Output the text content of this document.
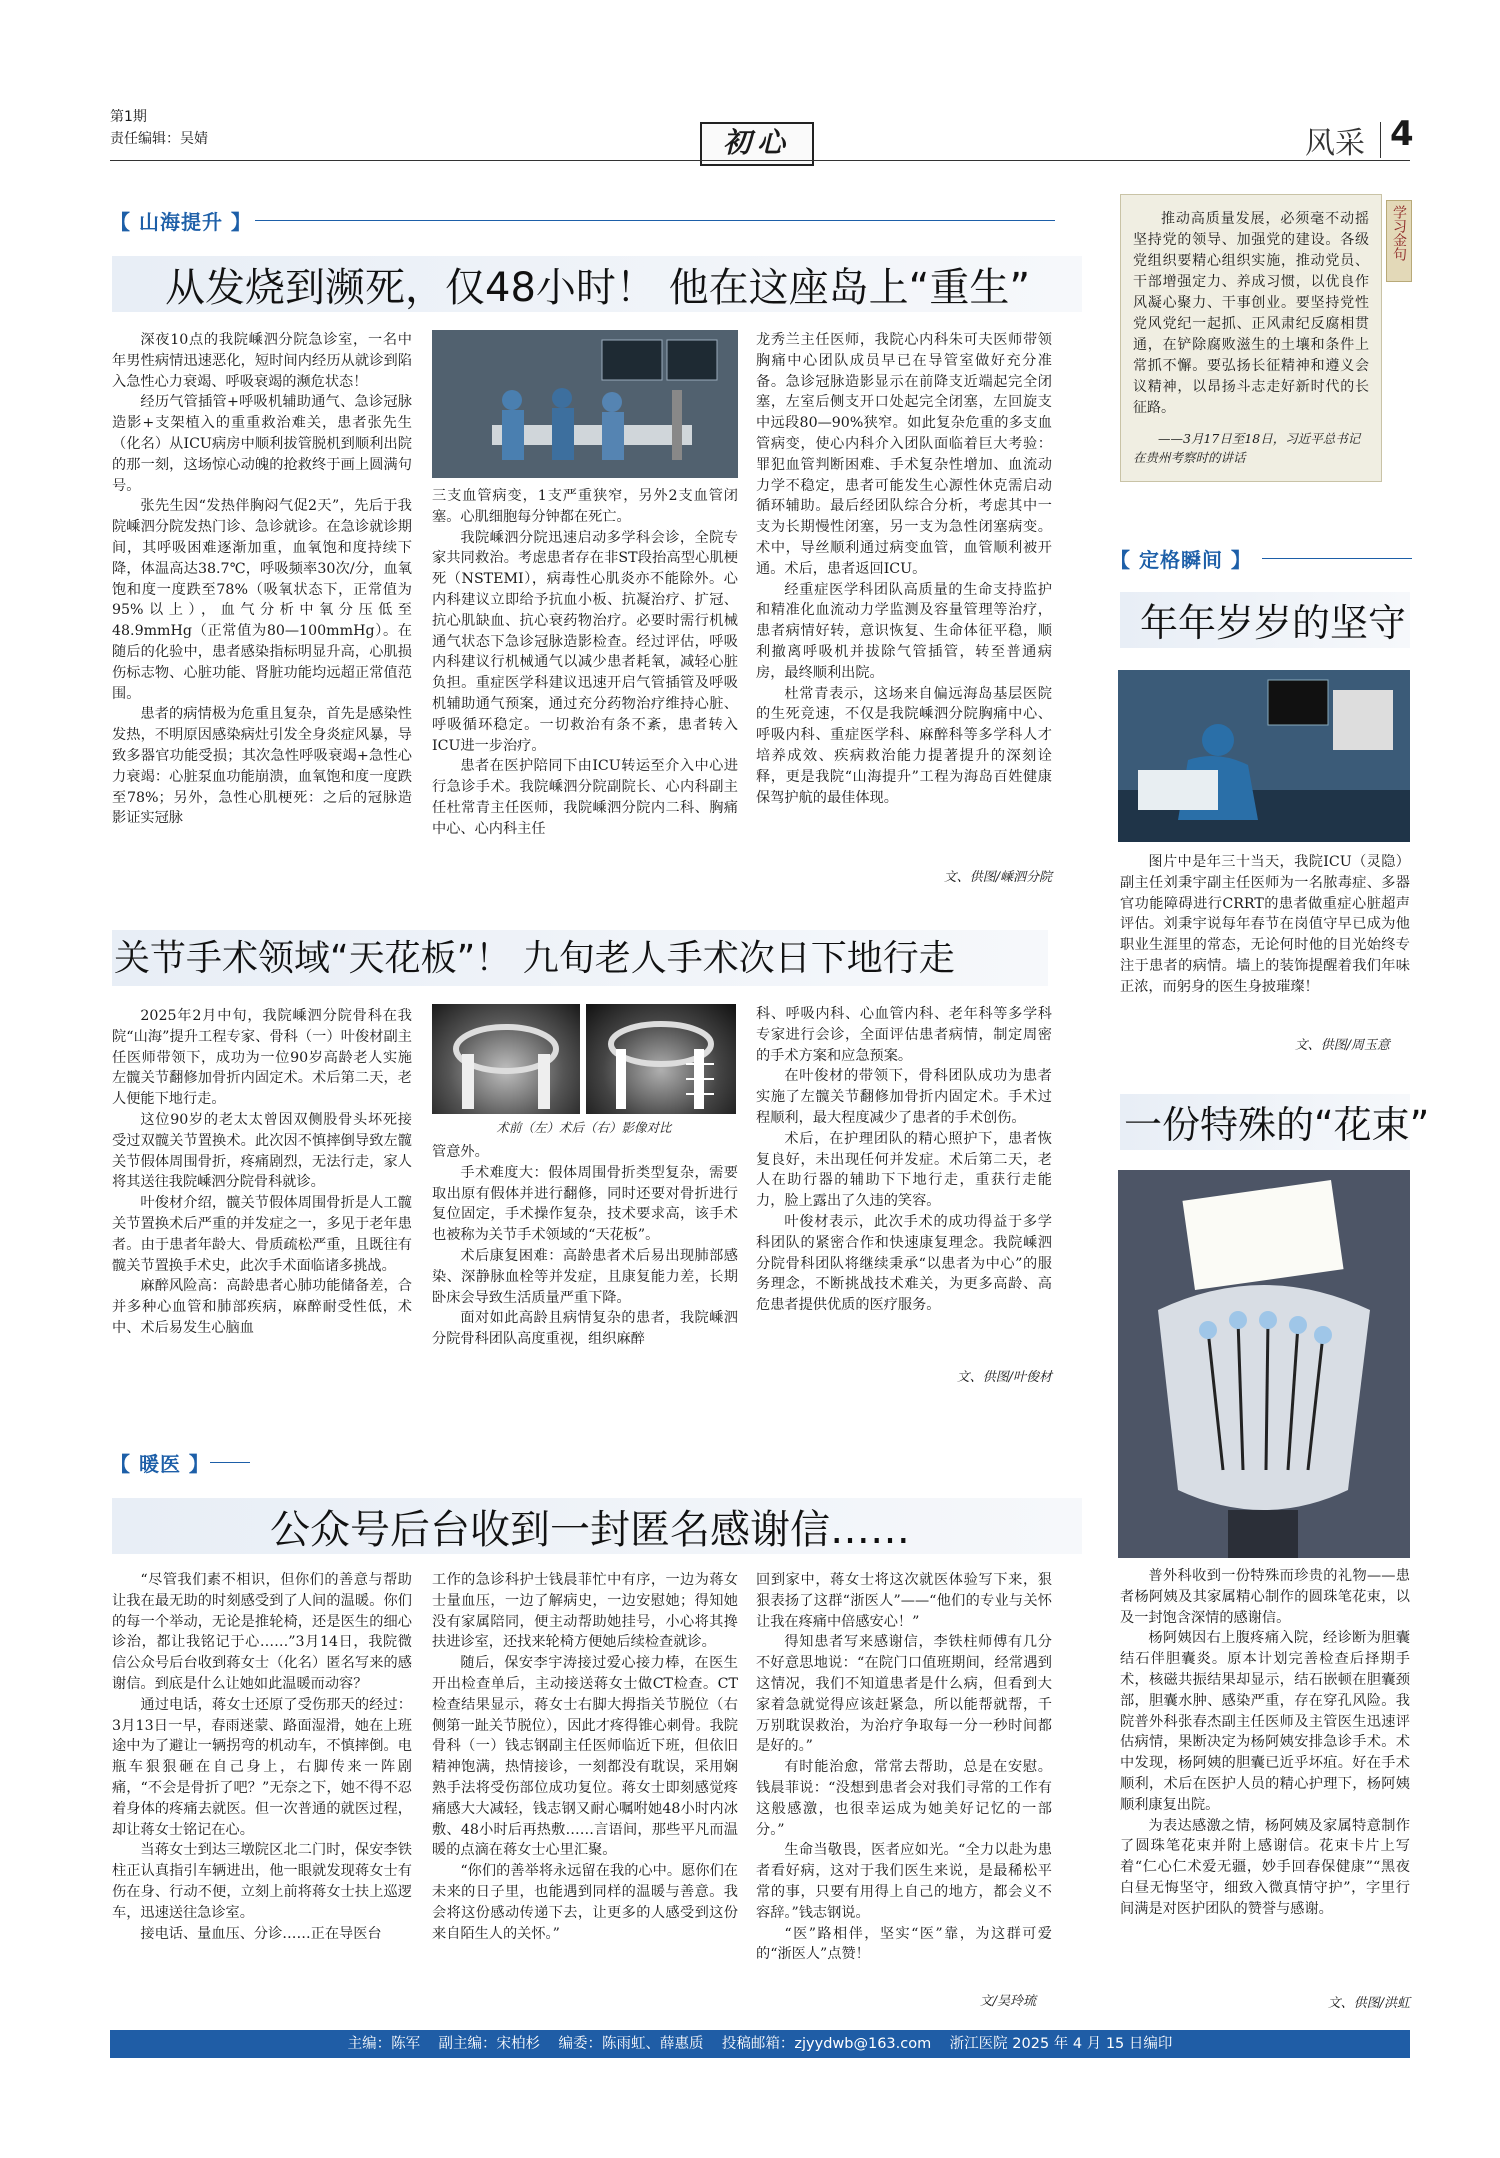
第1期
责任编辑：吴婧	初心	风采 4
推动高质量发展，必须毫不动摇坚持党的领导、加强党的建设。各级党组织要精心组织实施，推动党员、干部增强定力、养成习惯，以优良作风凝心聚力、干事创业。要坚持党性党风党纪一起抓、正风肃纪反腐相贯通，在铲除腐败滋生的土壤和条件上常抓不懈。要弘扬长征精神和遵义会议精神，以昂扬斗志走好新时代的长征路。
——3月17日至18日，习近平总书记在贵州考察时的讲话
学习金句
【 山海提升 】
从发烧到濒死，仅48小时！ 他在这座岛上“重生”

深夜10点的我院嵊泗分院急诊室，一名中年男性病情迅速恶化，短时间内经历从就诊到陷入急性心力衰竭、呼吸衰竭的濒危状态！

经历气管插管+呼吸机辅助通气、急诊冠脉造影+支架植入的重重救治难关，患者张先生（化名）从ICU病房中顺利拔管脱机到顺利出院的那一刻，这场惊心动魄的抢救终于画上圆满句号。

张先生因“发热伴胸闷气促2天”，先后于我院嵊泗分院发热门诊、急诊就诊。在急诊就诊期间，其呼吸困难逐渐加重，血氧饱和度持续下降，体温高达38.7℃，呼吸频率30次/分，血氧饱和度一度跌至78%（吸氧状态下，正常值为95%以上），血气分析中氧分压低至48.9mmHg（正常值为80—100mmHg）。在随后的化验中，患者感染指标明显升高，心肌损伤标志物、心脏功能、肾脏功能均远超正常值范围。

患者的病情极为危重且复杂，首先是感染性发热，不明原因感染病灶引发全身炎症风暴，导致多器官功能受损；其次急性呼吸衰竭+急性心力衰竭：心脏泵血功能崩溃，血氧饱和度一度跌至78%；另外，急性心肌梗死：之后的冠脉造影证实冠脉

三支血管病变，1支严重狭窄，另外2支血管闭塞。心肌细胞每分钟都在死亡。

我院嵊泗分院迅速启动多学科会诊，全院专家共同救治。考虑患者存在非ST段抬高型心肌梗死（NSTEMI），病毒性心肌炎亦不能除外。心内科建议立即给予抗血小板、抗凝治疗、扩冠、抗心肌缺血、抗心衰药物治疗。必要时需行机械通气状态下急诊冠脉造影检查。经过评估，呼吸内科建议行机械通气以减少患者耗氧，减轻心脏负担。重症医学科建议迅速开启气管插管及呼吸机辅助通气预案，通过充分药物治疗维持心脏、呼吸循环稳定。一切救治有条不紊，患者转入ICU进一步治疗。

患者在医护陪同下由ICU转运至介入中心进行急诊手术。我院嵊泗分院副院长、心内科副主任杜常青主任医师，我院嵊泗分院内二科、胸痛中心、心内科主任

龙秀兰主任医师，我院心内科朱可夫医师带领胸痛中心团队成员早已在导管室做好充分准备。急诊冠脉造影显示在前降支近端起完全闭塞，左室后侧支开口处起完全闭塞，左回旋支中远段80—90%狭窄。如此复杂危重的多支血管病变，使心内科介入团队面临着巨大考验：罪犯血管判断困难、手术复杂性增加、血流动力学不稳定，患者可能发生心源性休克需启动循环辅助。最后经团队综合分析，考虑其中一支为长期慢性闭塞，另一支为急性闭塞病变。术中，导丝顺利通过病变血管，血管顺利被开通。术后，患者返回ICU。

经重症医学科团队高质量的生命支持监护和精准化血流动力学监测及容量管理等治疗，患者病情好转，意识恢复、生命体征平稳，顺利撤离呼吸机并拔除气管插管，转至普通病房，最终顺利出院。

杜常青表示，这场来自偏远海岛基层医院的生死竞速，不仅是我院嵊泗分院胸痛中心、呼吸内科、重症医学科、麻醉科等多学科人才培养成效、疾病救治能力提著提升的深刻诠释，更是我院“山海提升”工程为海岛百姓健康保驾护航的最佳体现。

文、供图/嵊泗分院
关节手术领域“天花板”！ 九旬老人手术次日下地行走

2025年2月中旬，我院嵊泗分院骨科在我院“山海”提升工程专家、骨科（一）叶俊材副主任医师带领下，成功为一位90岁高龄老人实施左髋关节翻修加骨折内固定术。术后第二天，老人便能下地行走。

这位90岁的老太太曾因双侧股骨头坏死接受过双髋关节置换术。此次因不慎摔倒导致左髋关节假体周围骨折，疼痛剧烈，无法行走，家人将其送往我院嵊泗分院骨科就诊。

叶俊材介绍，髋关节假体周围骨折是人工髋关节置换术后严重的并发症之一，多见于老年患者。由于患者年龄大、骨质疏松严重，且既往有髋关节置换手术史，此次手术面临诸多挑战。

麻醉风险高：高龄患者心肺功能储备差，合并多种心血管和肺部疾病，麻醉耐受性低，术中、术后易发生心脑血

术前（左）术后（右）影像对比

管意外。

手术难度大：假体周围骨折类型复杂，需要取出原有假体并进行翻修，同时还要对骨折进行复位固定，手术操作复杂，技术要求高，该手术也被称为关节手术领域的“天花板”。

术后康复困难：高龄患者术后易出现肺部感染、深静脉血栓等并发症，且康复能力差，长期卧床会导致生活质量严重下降。

面对如此高龄且病情复杂的患者，我院嵊泗分院骨科团队高度重视，组织麻醉

科、呼吸内科、心血管内科、老年科等多学科专家进行会诊，全面评估患者病情，制定周密的手术方案和应急预案。

在叶俊材的带领下，骨科团队成功为患者实施了左髋关节翻修加骨折内固定术。手术过程顺利，最大程度减少了患者的手术创伤。

术后，在护理团队的精心照护下，患者恢复良好，未出现任何并发症。术后第二天，老人在助行器的辅助下下地行走，重获行走能力，脸上露出了久违的笑容。

叶俊材表示，此次手术的成功得益于多学科团队的紧密合作和快速康复理念。我院嵊泗分院骨科团队将继续秉承“以患者为中心”的服务理念，不断挑战技术难关，为更多高龄、高危患者提供优质的医疗服务。

文、供图/叶俊材
【 定格瞬间 】
年年岁岁的坚守
图片中是年三十当天，我院ICU（灵隐）副主任刘秉宇副主任医师为一名脓毒症、多器官功能障碍进行CRRT的患者做重症心脏超声评估。刘秉宇说每年春节在岗值守早已成为他职业生涯里的常态，无论何时他的目光始终专注于患者的病情。墙上的装饰提醒着我们年味正浓，而躬身的医生身披璀璨！
文、供图/周玉意
一份特殊的“花束”

普外科收到一份特殊而珍贵的礼物——患者杨阿姨及其家属精心制作的圆珠笔花束，以及一封饱含深情的感谢信。

杨阿姨因右上腹疼痛入院，经诊断为胆囊结石伴胆囊炎。原本计划完善检查后择期手术，核磁共振结果却显示，结石嵌顿在胆囊颈部，胆囊水肿、感染严重，存在穿孔风险。我院普外科张春杰副主任医师及主管医生迅速评估病情，果断决定为杨阿姨安排急诊手术。术中发现，杨阿姨的胆囊已近乎坏疽。好在手术顺利，术后在医护人员的精心护理下，杨阿姨顺利康复出院。

为表达感激之情，杨阿姨及家属特意制作了圆珠笔花束并附上感谢信。花束卡片上写着“仁心仁术爱无疆，妙手回春保健康”“黑夜白昼无悔坚守，细致入微真情守护”，字里行间满是对医护团队的赞誉与感谢。

文、供图/洪虹
【 暖医 】
公众号后台收到一封匿名感谢信……

“尽管我们素不相识，但你们的善意与帮助让我在最无助的时刻感受到了人间的温暖。你们的每一个举动，无论是推轮椅，还是医生的细心诊治，都让我铭记于心……”3月14日，我院微信公众号后台收到蒋女士（化名）匿名写来的感谢信。到底是什么让她如此温暖而动容？

通过电话，蒋女士还原了受伤那天的经过：3月13日一早，春雨迷蒙、路面湿滑，她在上班途中为了避让一辆拐弯的机动车，不慎摔倒。电瓶车狠狠砸在自己身上，右脚传来一阵剧痛，“不会是骨折了吧？”无奈之下，她不得不忍着身体的疼痛去就医。但一次普通的就医过程，却让蒋女士铭记在心。

当蒋女士到达三墩院区北二门时，保安李铁柱正认真指引车辆进出，他一眼就发现蒋女士有伤在身、行动不便，立刻上前将蒋女士扶上巡逻车，迅速送往急诊室。

接电话、量血压、分诊……正在导医台

工作的急诊科护士钱晨菲忙中有序，一边为蒋女士量血压，一边了解病史，一边安慰她；得知她没有家属陪同，便主动帮助她挂号，小心将其搀扶进诊室，还找来轮椅方便她后续检查就诊。

随后，保安李宇涛接过爱心接力棒，在医生开出检查单后，主动接送蒋女士做CT检查。CT检查结果显示，蒋女士右脚大拇指关节脱位（右侧第一趾关节脱位），因此才疼得锥心刺骨。我院骨科（一）钱志钢副主任医师临近下班，但依旧精神饱满，热情接诊，一刻都没有耽误，采用娴熟手法将受伤部位成功复位。蒋女士即刻感觉疼痛感大大减轻，钱志钢又耐心嘱咐她48小时内冰敷、48小时后再热敷……言语间，那些平凡而温暖的点滴在蒋女士心里汇聚。

“你们的善举将永远留在我的心中。愿你们在未来的日子里，也能遇到同样的温暖与善意。我会将这份感动传递下去，让更多的人感受到这份来自陌生人的关怀。”

回到家中，蒋女士将这次就医体验写下来，狠狠表扬了这群“浙医人”——“他们的专业与关怀让我在疼痛中倍感安心！”

得知患者写来感谢信，李铁柱师傅有几分不好意思地说：“在院门口值班期间，经常遇到这情况，我们不知道患者是什么病，但看到大家着急就觉得应该赶紧急，所以能帮就帮，千万别耽误救治，为治疗争取每一分一秒时间都是好的。”

有时能治愈，常常去帮助，总是在安慰。钱晨菲说：“没想到患者会对我们寻常的工作有这般感激，也很幸运成为她美好记忆的一部分。”

生命当敬畏，医者应如光。“全力以赴为患者看好病，这对于我们医生来说，是最稀松平常的事，只要有用得上自己的地方，都会义不容辞。”钱志钢说。

“医”路相伴，坚实“医”靠，为这群可爱的“浙医人”点赞！

文/吴玲琉
主编：陈军    副主编：宋柏杉    编委：陈雨虹、薛惠质    投稿邮箱：zjyydwb@163.com    浙江医院 2025 年 4 月 15 日编印
